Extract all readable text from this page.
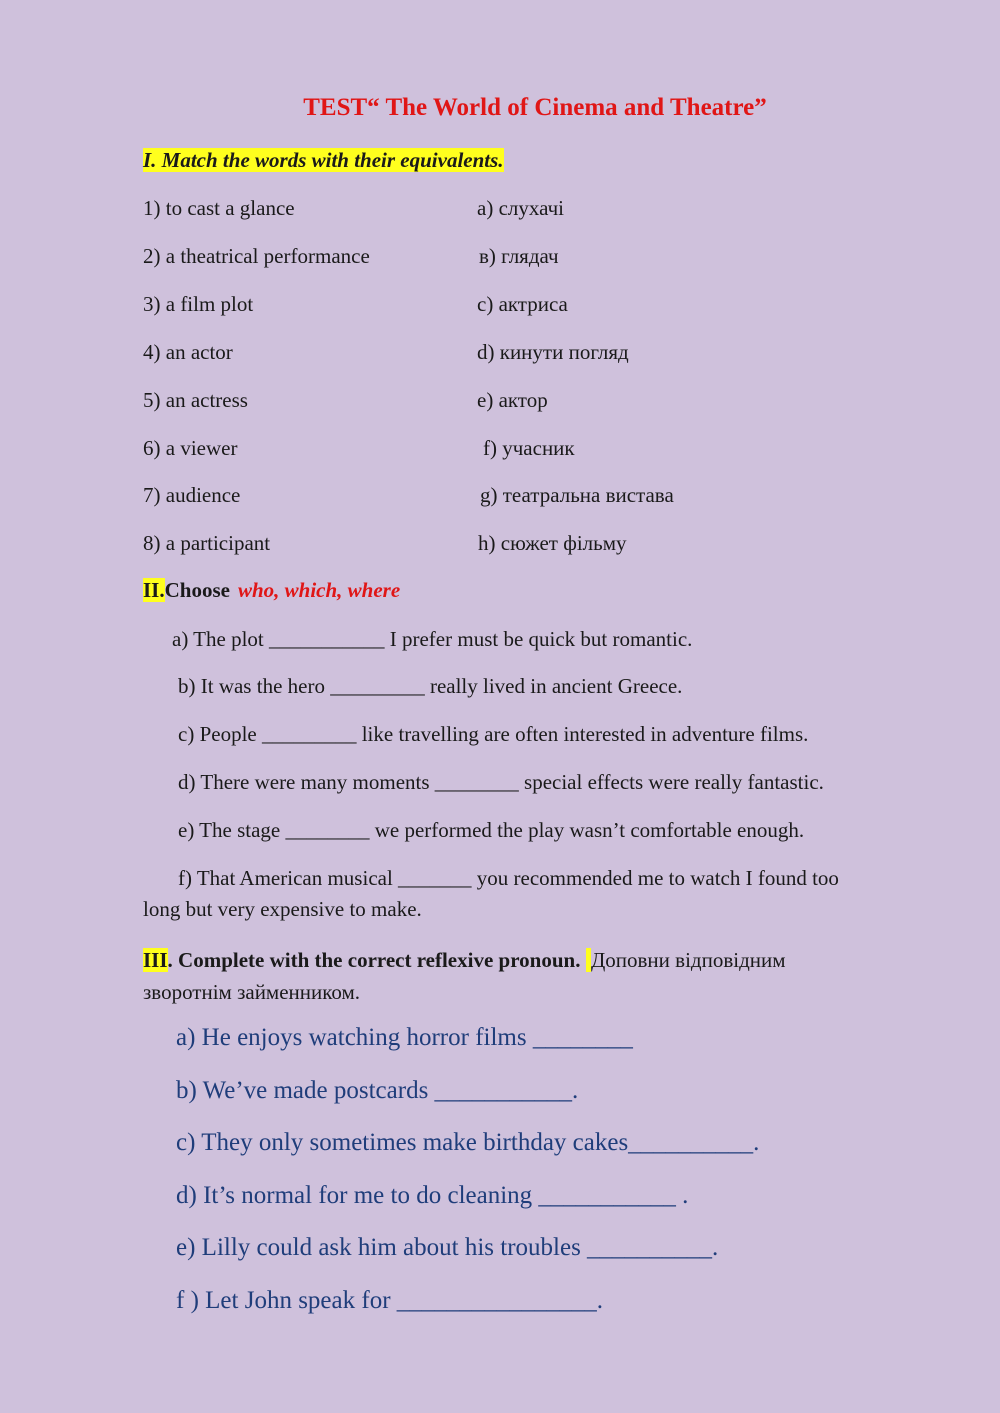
TEST“ The World of Cinema and Theatre”
I. Match the words with their equivalents.
1) to cast a glance
2) a theatrical performance
3) a film plot
4) an actor
5) an actress
6) a viewer
7) audience
8) a participant
a) слухачі
в) глядач
c) актриса
d) кинути погляд
e) актор
f) учасник
g) театральна вистава
h) сюжет фільму
II.Choose who, which, where
a) The plot ___________ I prefer must be quick but romantic.
b) It was the hero _________ really lived in ancient Greece.
c) People _________ like travelling are often interested in adventure films.
d) There were many moments ________ special effects were really fantastic.
e) The stage ________ we performed the play wasn’t comfortable enough.
f) That American musical _______ you recommended me to watch I found too
long but very expensive to make.
III. Complete with the correct reflexive pronoun. Доповни відповідним
зворотнім займенником.
a) He enjoys watching horror films ________
b) We’ve made postcards ___________.
c) They only sometimes make birthday cakes__________.
d) It’s normal for me to do cleaning ___________ .
e) Lilly could ask him about his troubles __________.
f ) Let John speak for ________________.
